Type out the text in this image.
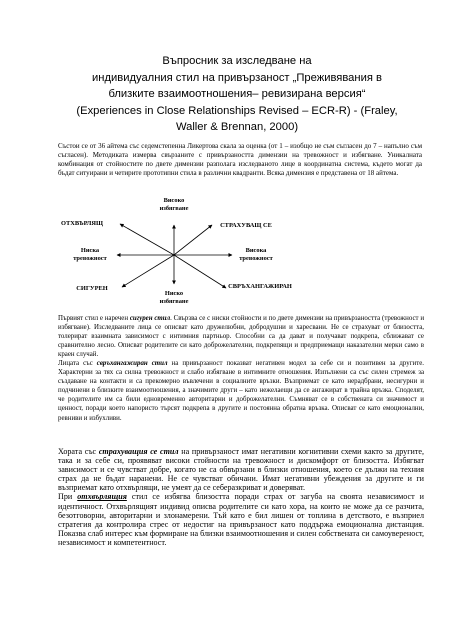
Въпросник за изследване на
индивидуалния стил на привързаност „Преживявания в
близките взаимоотношения– ревизирана версия“
(Experiences in Close Relationships Revised – ECR-R) - (Fraley,
Waller & Brennan, 2000)
Състои се от 36 айтема със седемстепенна Ликертова скала за оценка (от 1 – изобщо не съм съгласен до 7 – напълно съм съгласен). Методиката измерва свързаните с привързаността димензии на тревожност и избягване. Уникалната комбинация от стойностите по двете димензии разполага изследваното лице в координатна система, където могат да бъдат ситуирани и четирите прототипни стила в различни квадранти. Всяка димензия е представена от 18 айтема.
Високо
избягване
Ниско
избягване
Ниска
тревожност
Висока
тревожност
ОТХВЪРЛЯЩ	СТРАХУВАЩ СЕ
СИГУРЕН	СВРЪХАНГАЖИРАН

Първият стил е наречен сигурен стил. Свързва се с ниски стойности и по двете димензии на привързаността (тревожност и избягване). Изследваните лица се описват като дружелюбни, добродушни и харесвани. Не се страхуват от близостта, толерират взаимната зависимост с интимния партньор. Способни са да дават и получават подкрепа, сближават се сравнително лесно. Описват родителите си като доброжелателни, подкрепящи и предприемащи наказателни мерки само в краен случай.

Лицата със свръхангажиран стил на привързаност показват негативен модел за себе си и позитивен за другите. Характерни за тях са силна тревожност и слабо избягване в интимните отношения. Изпълнени са със силен стремеж за създаване на контакти и са прекомерно въвлечени в социалните връзки. Възприемат се като нерадбрани, несигурни и подчинени в близките взаимоотношения, а значимите други – като нежелаещи да се ангажират в трайна връзка. Споделят, че родителите им са били едновременно авторитарни и доброжелателни. Съмняват се в собствената си значимост и ценност, поради което напористо търсят подкрепа в другите и постоянна обратна връзка. Описват се като емоционални, ревниви и избухливи.

Хората със страхуващия се стил на привързаност имат негативни когнитивни схеми както за другите, така и за себе си, проявяват високи стойности на тревожност и дискомфорт от близостта. Избягват зависимост и се чувстват добре, когато не са обвързани в близки отношения, което се дължи на техния страх да не бъдат наранени. Не се чувстват обичани. Имат негативни убеждения за другите и ги възприемат като отхвърлящи, не умеят да се себеразкриват и доверяват.

При отхвърлящия стил се избягва близостта поради страх от загуба на своята независимост и идентичност. Отхвърлящият индивид описва родителите си като хора, на които не може да се разчита, безотговорни, авторитарни и злонамерени. Тъй като е бил лишен от топлина в детството, е възприел стратегия да контролира стрес от недостиг на привързаност като поддържа емоционална дистанция. Показва слаб интерес към формиране на близки взаимоотношения и силен собствената си самоувереност, независимост и компетентност.
